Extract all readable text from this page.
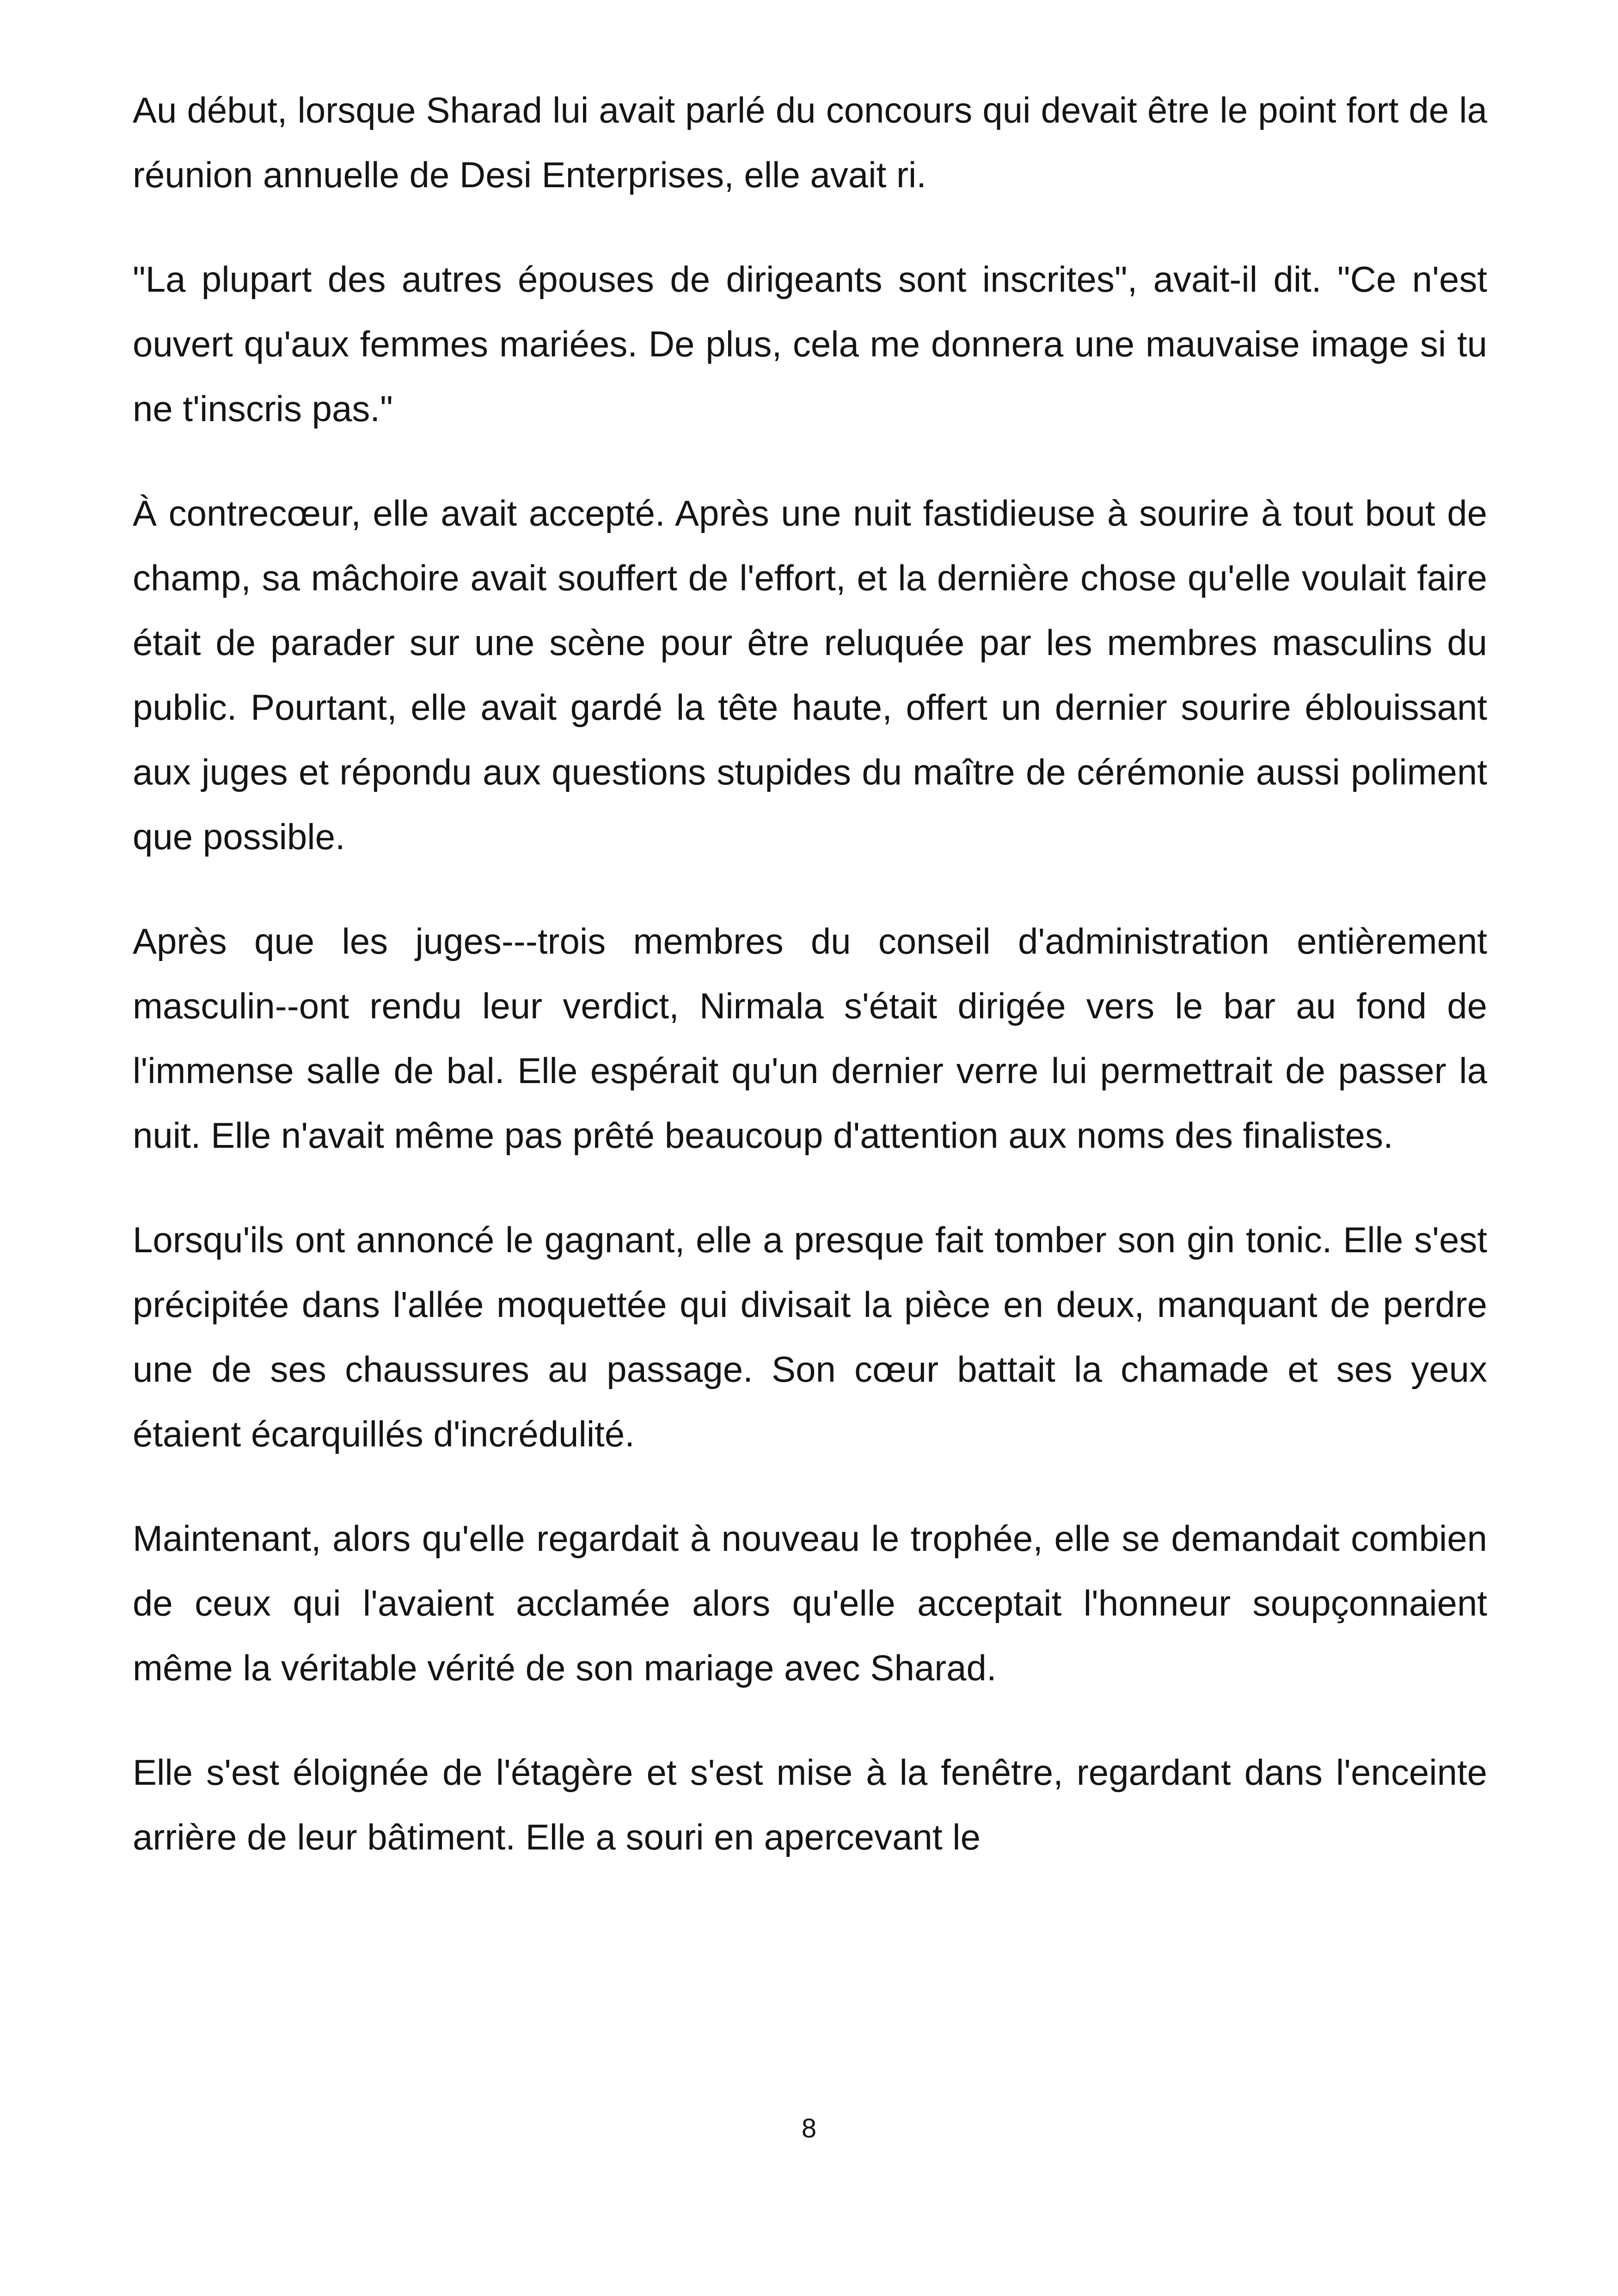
Au début, lorsque Sharad lui avait parlé du concours qui devait être le point fort de la réunion annuelle de Desi Enterprises, elle avait ri.

"La plupart des autres épouses de dirigeants sont inscrites", avait-il dit. "Ce n'est ouvert qu'aux femmes mariées. De plus, cela me donnera une mauvaise image si tu ne t'inscris pas."

À contrecœur, elle avait accepté. Après une nuit fastidieuse à sourire à tout bout de champ, sa mâchoire avait souffert de l'effort, et la dernière chose qu'elle voulait faire était de parader sur une scène pour être reluquée par les membres masculins du public. Pourtant, elle avait gardé la tête haute, offert un dernier sourire éblouissant aux juges et répondu aux questions stupides du maître de cérémonie aussi poliment que possible.

Après que les juges---trois membres du conseil d'administration entièrement masculin--ont rendu leur verdict, Nirmala s'était dirigée vers le bar au fond de l'immense salle de bal. Elle espérait qu'un dernier verre lui permettrait de passer la nuit. Elle n'avait même pas prêté beaucoup d'attention aux noms des finalistes.

Lorsqu'ils ont annoncé le gagnant, elle a presque fait tomber son gin tonic. Elle s'est précipitée dans l'allée moquettée qui divisait la pièce en deux, manquant de perdre une de ses chaussures au passage. Son cœur battait la chamade et ses yeux étaient écarquillés d'incrédulité.

Maintenant, alors qu'elle regardait à nouveau le trophée, elle se demandait combien de ceux qui l'avaient acclamée alors qu'elle acceptait l'honneur soupçonnaient même la véritable vérité de son mariage avec Sharad.

Elle s'est éloignée de l'étagère et s'est mise à la fenêtre, regardant dans l'enceinte arrière de leur bâtiment. Elle a souri en apercevant le

8
